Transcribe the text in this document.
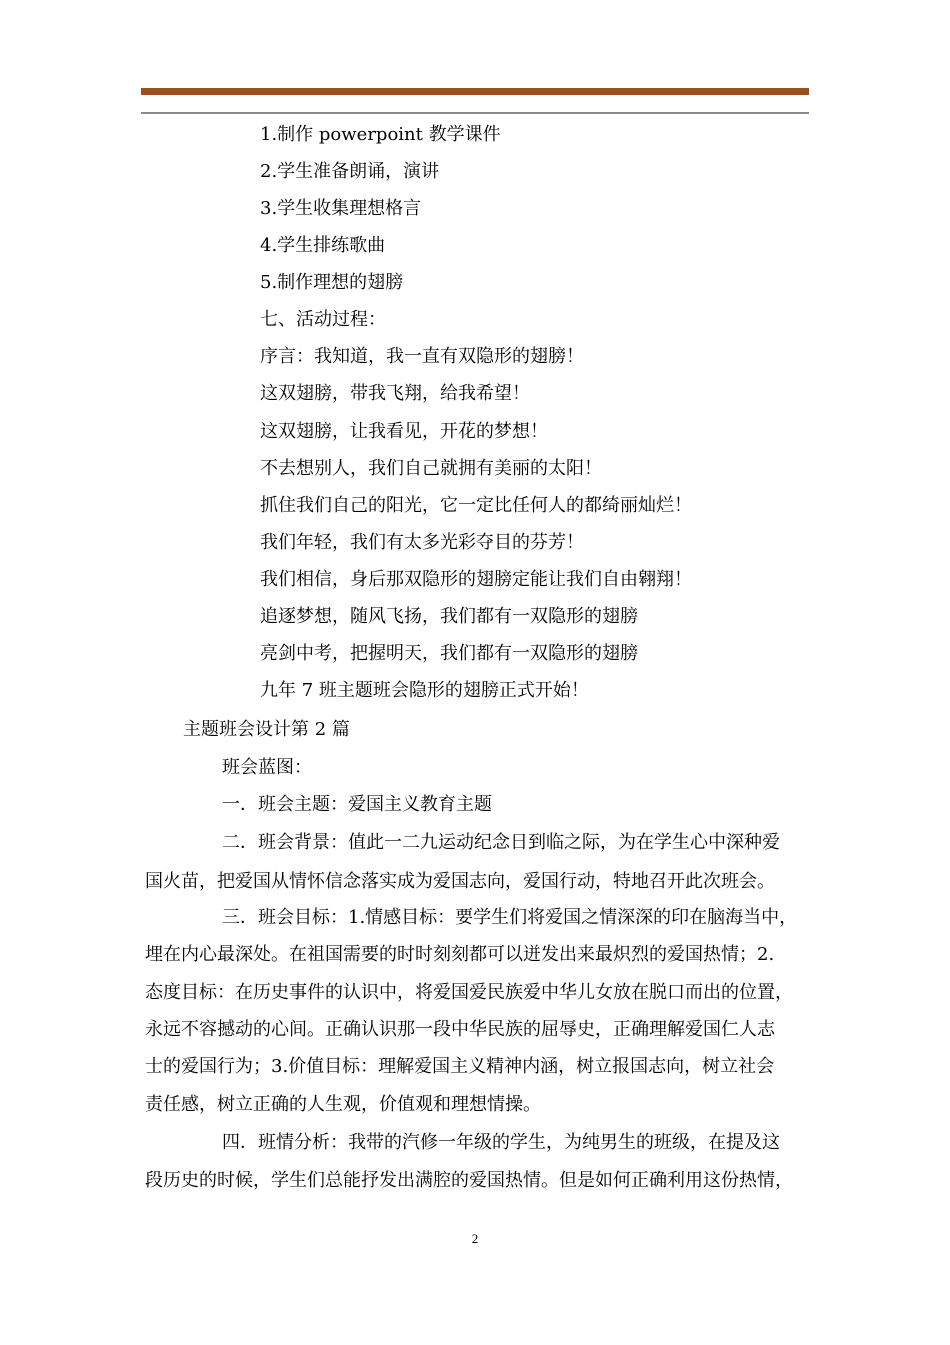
1.制作 powerpoint 教学课件
2.学生准备朗诵，演讲
3.学生收集理想格言
4.学生排练歌曲
5.制作理想的翅膀
七、活动过程：
序言：我知道，我一直有双隐形的翅膀！
这双翅膀，带我飞翔，给我希望！
这双翅膀，让我看见，开花的梦想！
不去想别人，我们自己就拥有美丽的太阳！
抓住我们自己的阳光，它一定比任何人的都绮丽灿烂！
我们年轻，我们有太多光彩夺目的芬芳！
我们相信，身后那双隐形的翅膀定能让我们自由翱翔！
追逐梦想，随风飞扬，我们都有一双隐形的翅膀
亮剑中考，把握明天，我们都有一双隐形的翅膀
九年 7 班主题班会隐形的翅膀正式开始！
主题班会设计第 2 篇
班会蓝图：
一．班会主题：爱国主义教育主题
二．班会背景：值此一二九运动纪念日到临之际，为在学生心中深种爱
国火苗，把爱国从情怀信念落实成为爱国志向，爱国行动，特地召开此次班会。
三．班会目标：1.情感目标：要学生们将爱国之情深深的印在脑海当中，
埋在内心最深处。在祖国需要的时时刻刻都可以迸发出来最炽烈的爱国热情；2.
态度目标：在历史事件的认识中，将爱国爱民族爱中华儿女放在脱口而出的位置，
永远不容撼动的心间。正确认识那一段中华民族的屈辱史，正确理解爱国仁人志
士的爱国行为；3.价值目标：理解爱国主义精神内涵，树立报国志向，树立社会
责任感，树立正确的人生观，价值观和理想情操。
四．班情分析：我带的汽修一年级的学生，为纯男生的班级，在提及这
段历史的时候，学生们总能抒发出满腔的爱国热情。但是如何正确利用这份热情，
2
